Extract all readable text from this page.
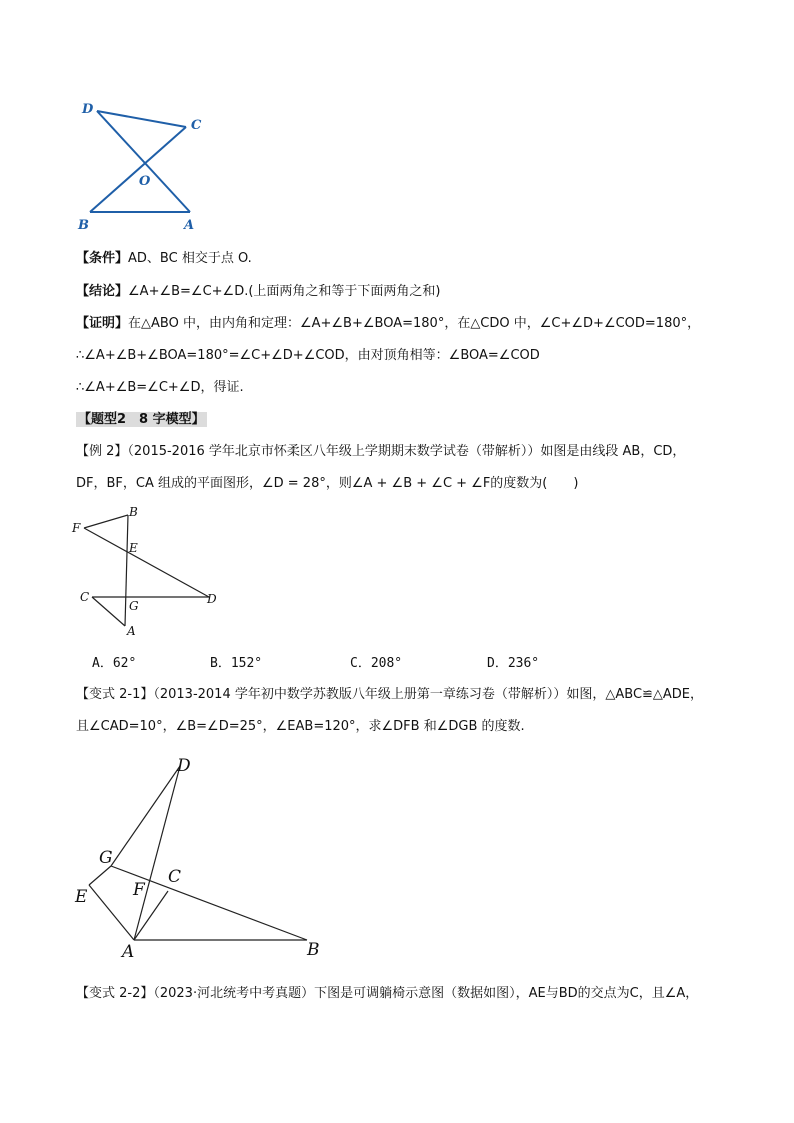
D
C
O
B	A
【条件】AD、BC 相交于点 O.
【结论】∠A+∠B=∠C+∠D.(上面两角之和等于下面两角之和)
【证明】在△ABO 中，由内角和定理：∠A+∠B+∠BOA=180°，在△CDO 中，∠C+∠D+∠COD=180°，
∴∠A+∠B+∠BOA=180°=∠C+∠D+∠COD，由对顶角相等：∠BOA=∠COD
∴∠A+∠B=∠C+∠D，得证.
【题型2　8 字模型】
【例 2】（2015-2016 学年北京市怀柔区八年级上学期期末数学试卷（带解析））如图是由线段 AB，CD，
DF，BF，CA 组成的平面图形，∠D = 28°，则∠A + ∠B + ∠C + ∠F的度数为(　　)
F
B
E
C
G	D
A
A．62°	B．152°	C．208°	D．236°
【变式 2-1】（2013-2014 学年初中数学苏教版八年级上册第一章练习卷（带解析））如图，△ABC≌△ADE，
且∠CAD=10°，∠B=∠D=25°，∠EAB=120°，求∠DFB 和∠DGB 的度数.
D
G
C
F
E
A	B
【变式 2-2】（2023·河北统考中考真题）下图是可调躺椅示意图（数据如图），AE与BD的交点为C，且∠A，
